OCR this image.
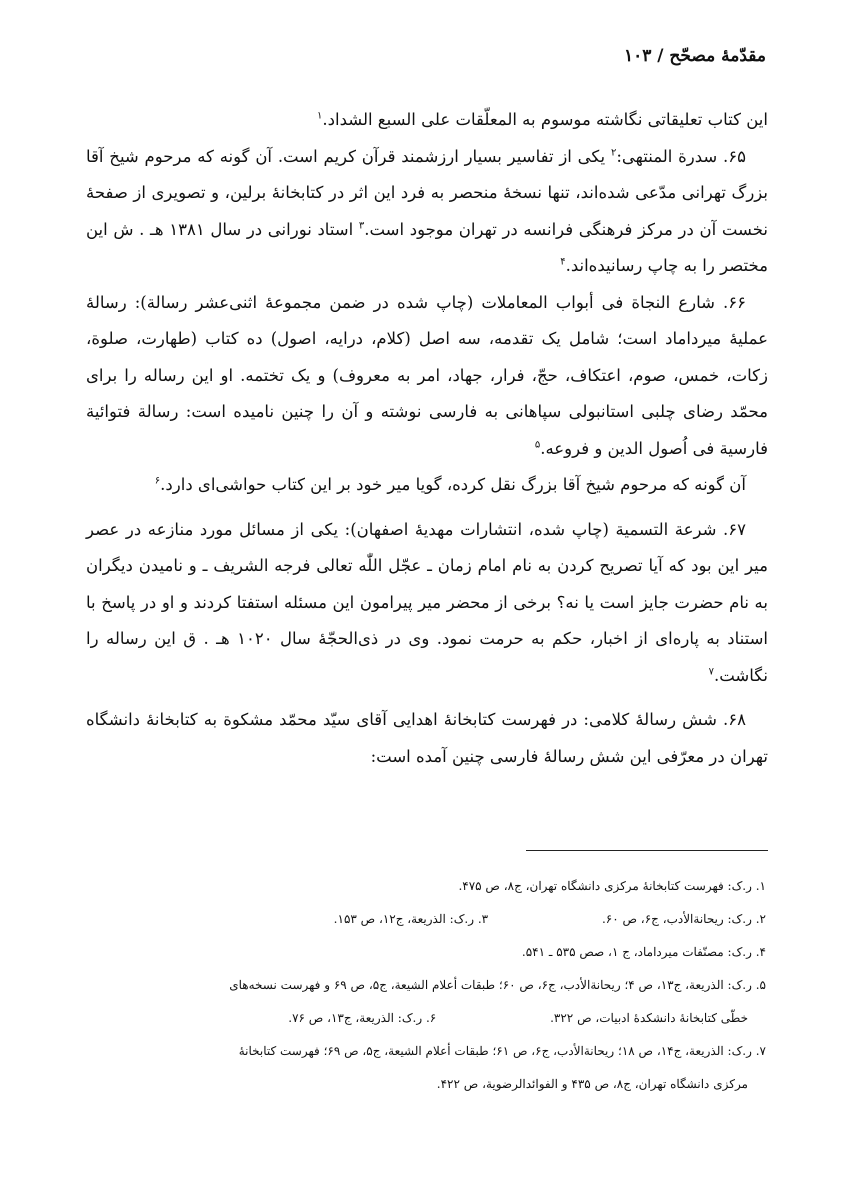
مقدّمهٔ مصحّح / ۱۰۳

این کتاب تعلیقاتی نگاشته موسوم به المعلّقات علی السبع الشداد.$^۱$

۶۵. سدرة المنتهی:$^۲$ یکی از تفاسیر بسیار ارزشمند قرآن کریم است. آن گونه که مرحوم شیخ آقا بزرگ تهرانی مدّعی شده‌اند، تنها نسخهٔ منحصر به فرد این اثر در کتابخانهٔ برلین، و تصویری از صفحهٔ نخست آن در مرکز فرهنگی فرانسه در تهران موجود است.$^۳$ استاد نورانی در سال ۱۳۸۱ هـ . ش این مختصر را به چاپ رسانیده‌اند.$^۴$

۶۶. شارع النجاة فی أبواب المعاملات (چاپ شده در ضمن مجموعهٔ اثنی‌عشر رسالة): رسالهٔ عملیهٔ میرداماد است؛ شامل یک تقدمه، سه اصل (کلام، درایه، اصول) ده کتاب (طهارت، صلوة، زکات، خمس، صوم، اعتکاف، حجّ، فرار، جهاد، امر به معروف) و یک تختمه. او این رساله را برای محمّد رضای چلبی استانبولی سپاهانی به فارسی نوشته و آن را چنین نامیده است: رسالة فتوائیة فارسیة فی اُصول الدین و فروعه.$^۵$

آن گونه که مرحوم شیخ آقا بزرگ نقل کرده، گویا میر خود بر این کتاب حواشی‌ای دارد.$^۶$

۶۷. شرعة التسمیة (چاپ شده، انتشارات مهدیهٔ اصفهان): یکی از مسائل مورد منازعه در عصر میر این بود که آیا تصریح کردن به نام امام زمان ـ عجّل اللّٰه تعالی فرجه الشریف ـ و نامیدن دیگران به نام حضرت جایز است یا نه؟ برخی از محضر میر پیرامون این مسئله استفتا کردند و او در پاسخ با استناد به پاره‌ای از اخبار، حکم به حرمت نمود. وی در ذی‌الحجّهٔ سال ۱۰۲۰ هـ . ق این رساله را نگاشت.$^۷$

۶۸. شش رسالهٔ کلامی: در فهرست کتابخانهٔ اهدایی آقای سیّد محمّد مشکوة به کتابخانهٔ دانشگاه تهران در معرّفی این شش رسالهٔ فارسی چنین آمده است:

۱. ر.ک: فهرست کتابخانهٔ مرکزی دانشگاه تهران، ج۸، ص ۴۷۵.
۲. ر.ک: ریحانة‌الأدب، ج۶، ص ۶۰. ۳. ر.ک: الذریعة، ج۱۲، ص ۱۵۳.
۴. ر.ک: مصنّفات میرداماد، ج ۱، صص ۵۳۵ ـ ۵۴۱.
۵. ر.ک: الذریعة، ج۱۳، ص ۴؛ ریحانة‌الأدب، ج۶، ص ۶۰؛ طبقات أعلام الشیعة، ج۵، ص ۶۹ و فهرست نسخه‌های
خطّی کتابخانهٔ دانشکدهٔ ادبیات، ص ۳۲۲. ۶. ر.ک: الذریعة، ج۱۳، ص ۷۶.
۷. ر.ک: الذریعة، ج۱۴، ص ۱۸؛ ریحانة‌الأدب، ج۶، ص ۶۱؛ طبقات أعلام الشیعة، ج۵، ص ۶۹؛ فهرست کتابخانهٔ
مرکزی دانشگاه تهران، ج۸، ص ۴۳۵ و الفوائدالرضویة، ص ۴۲۲.
